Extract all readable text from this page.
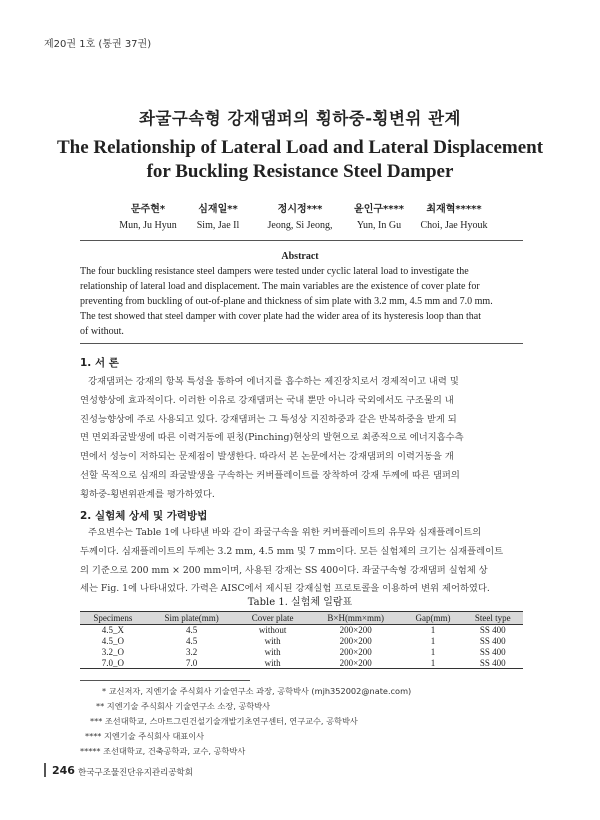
제20권 1호 (통권 37권)
좌굴구속형 강재댐퍼의 횡하중-횡변위 관계
The Relationship of Lateral Load and Lateral Displacement
for Buckling Resistance Steel Damper
문주현*
Mun, Ju Hyun
심재일**
Sim, Jae Il
정시정***
Jeong, Si Jeong,
윤인구****
Yun, In Gu
최재혁*****
Choi, Jae Hyouk
Abstract
The four buckling resistance steel dampers were tested under cyclic lateral load to investigate the
relationship of lateral load and displacement. The main variables are the existence of cover plate for
preventing from buckling of out-of-plane and thickness of sim plate with 3.2 mm, 4.5 mm and 7.0 mm.
The test showed that steel damper with cover plate had the wider area of its hysteresis loop than that
of without.
1. 서 론
강재댐퍼는 강재의 항복 특성을 통하여 에너지를 흡수하는 제진장치로서 경제적이고 내력 및
연성향상에 효과적이다. 이러한 이유로 강재댐퍼는 국내 뿐만 아니라 국외에서도 구조물의 내
진성능향상에 주로 사용되고 있다. 강재댐퍼는 그 특성상 지진하중과 같은 반복하중을 받게 되
면 면외좌굴발생에 따른 이력거동에 핀칭(Pinching)현상의 발현으로 최종적으로 에너지흡수측
면에서 성능이 저하되는 문제점이 발생한다. 따라서 본 논문에서는 강재댐퍼의 이력거동을 개
선할 목적으로 심재의 좌굴발생을 구속하는 커버플레이트를 장착하여 강재 두께에 따른 댐퍼의
횡하중-횡변위관계를 평가하였다.
2. 실험체 상세 및 가력방법
주요변수는 Table 1에 나타낸 바와 같이 좌굴구속을 위한 커버플레이트의 유무와 심재플레이트의
두께이다. 심재플레이트의 두께는 3.2 mm, 4.5 mm 및 7 mm이다. 모든 실험체의 크기는 심재플레이트
의 기준으로 200 mm × 200 mm이며, 사용된 강재는 SS 400이다. 좌굴구속형 강재댐퍼 실험체 상
세는 Fig. 1에 나타내었다. 가력은 AISC에서 제시된 강재실험 프로토콜을 이용하여 변위 제어하였다.
Table 1. 실험체 일람표
Specimens	Sim plate(mm)	Cover plate	B×H(mm×mm)	Gap(mm)	Steel type
4.5_X	4.5	without	200×200	1	SS 400
4.5_O	4.5	with	200×200	1	SS 400
3.2_O	3.2	with	200×200	1	SS 400
7.0_O	7.0	with	200×200	1	SS 400
* 교신저자, 지엔기술 주식회사 기술연구소 과장, 공학박사 (mjh352002@nate.com)
** 지엔기술 주식회사 기술연구소 소장, 공학박사
*** 조선대학교, 스마트그린건설기술개발기초연구센터, 연구교수, 공학박사
**** 지엔기술 주식회사 대표이사
***** 조선대학교, 건축공학과, 교수, 공학박사
246 한국구조물진단유지관리공학회
